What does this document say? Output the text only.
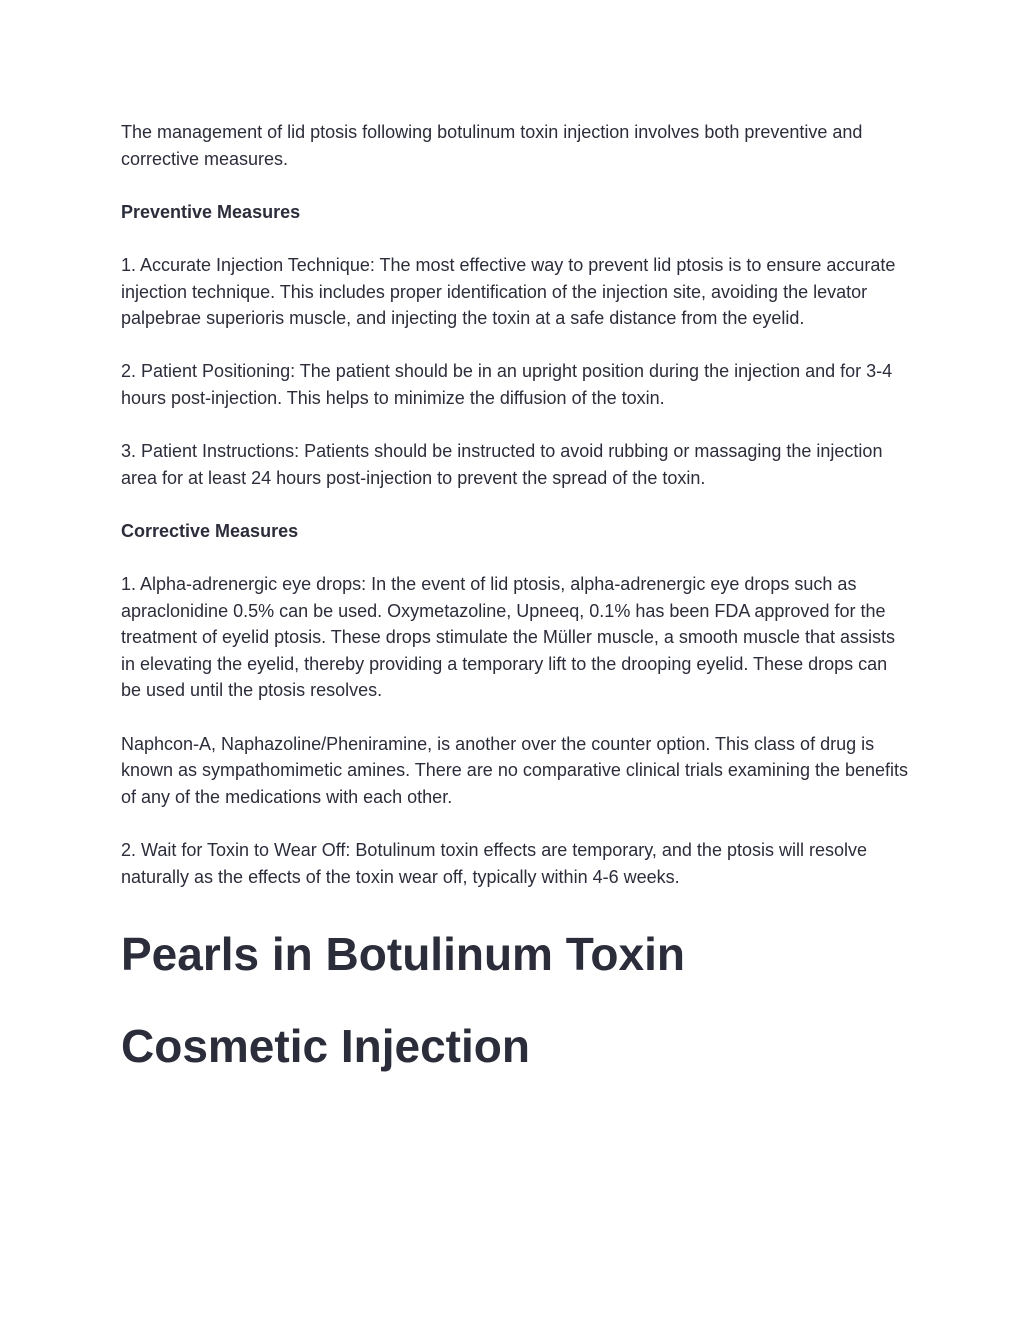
The management of lid ptosis following botulinum toxin injection involves both preventive and corrective measures.

Preventive Measures

1. Accurate Injection Technique: The most effective way to prevent lid ptosis is to ensure accurate injection technique. This includes proper identification of the injection site, avoiding the levator palpebrae superioris muscle, and injecting the toxin at a safe distance from the eyelid.

2. Patient Positioning: The patient should be in an upright position during the injection and for 3-4 hours post-injection. This helps to minimize the diffusion of the toxin.

3. Patient Instructions: Patients should be instructed to avoid rubbing or massaging the injection area for at least 24 hours post-injection to prevent the spread of the toxin.

Corrective Measures

1. Alpha-adrenergic eye drops: In the event of lid ptosis, alpha-adrenergic eye drops such as apraclonidine 0.5% can be used. Oxymetazoline, Upneeq, 0.1% has been FDA approved for the treatment of eyelid ptosis. These drops stimulate the Müller muscle, a smooth muscle that assists in elevating the eyelid, thereby providing a temporary lift to the drooping eyelid. These drops can be used until the ptosis resolves.

Naphcon-A, Naphazoline/Pheniramine, is another over the counter option. This class of drug is known as sympathomimetic amines. There are no comparative clinical trials examining the benefits of any of the medications with each other.

2. Wait for Toxin to Wear Off: Botulinum toxin effects are temporary, and the ptosis will resolve naturally as the effects of the toxin wear off, typically within 4-6 weeks.

Pearls in Botulinum Toxin
Cosmetic Injection
